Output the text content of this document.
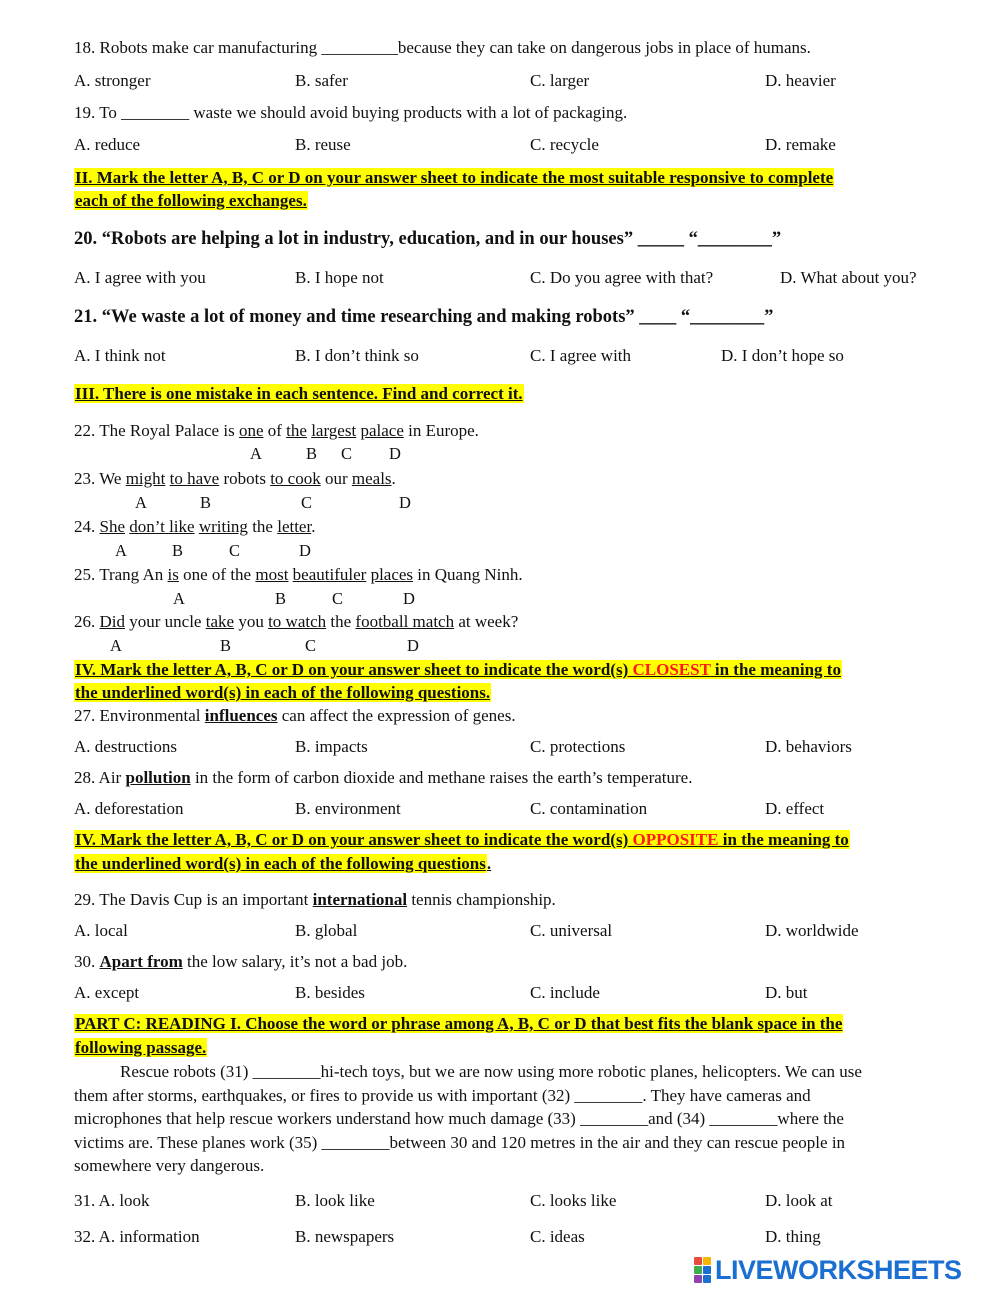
18. Robots make car manufacturing _________because they can take on dangerous jobs in place of humans.
A. stronger	B. safer	C. larger	D. heavier
19. To ________ waste we should avoid buying products with a lot of packaging.
A. reduce	B. reuse	C. recycle	D. remake
II. Mark the letter A, B, C or D on your answer sheet to indicate the most suitable responsive to complete
each of the following exchanges.
20. “Robots are helping a lot in industry, education, and in our houses” _____ “________”
A. I agree with you	B. I hope not	C. Do you agree with that?	D. What about you?
21. “We waste a lot of money and time researching and making robots” ____ “________”
A. I think not	B. I don’t think so	C. I agree with	D. I don’t hope so
III. There is one mistake in each sentence. Find and correct it.
22. The Royal Palace is one of the largest palace in Europe.
A	B C D
23. We might to have robots to cook our meals.
A	B	C	D
24. She don’t like writing the letter.
A	B	C	D
25. Trang An is one of the most beautifuler places in Quang Ninh.
A	B	C	D
26. Did your uncle take you to watch the football match at week?
A	B	C	D
IV. Mark the letter A, B, C or D on your answer sheet to indicate the word(s) CLOSEST in the meaning to
the underlined word(s) in each of the following questions.
27. Environmental influences can affect the expression of genes.
A. destructions	B. impacts	C. protections	D. behaviors
28. Air pollution in the form of carbon dioxide and methane raises the earth’s temperature.
A. deforestation	B. environment	C. contamination	D. effect
IV. Mark the letter A, B, C or D on your answer sheet to indicate the word(s) OPPOSITE in the meaning to
the underlined word(s) in each of the following questions.
29. The Davis Cup is an important international tennis championship.
A. local	B. global	C. universal	D. worldwide
30. Apart from the low salary, it’s not a bad job.
A. except	B. besides	C. include	D. but
PART C: READING I. Choose the word or phrase among A, B, C or D that best fits the blank space in the
following passage.
Rescue robots (31) ________hi-tech toys, but we are now using more robotic planes, helicopters. We can use
them after storms, earthquakes, or fires to provide us with important (32) ________. They have cameras and
microphones that help rescue workers understand how much damage (33) ________and (34) ________where the
victims are. These planes work (35) ________between 30 and 120 metres in the air and they can rescue people in
somewhere very dangerous.
31. A. look	B. look like	C. looks like	D. look at
32. A. information	B. newspapers	C. ideas	D. thing
LIVEWORKSHEETS
